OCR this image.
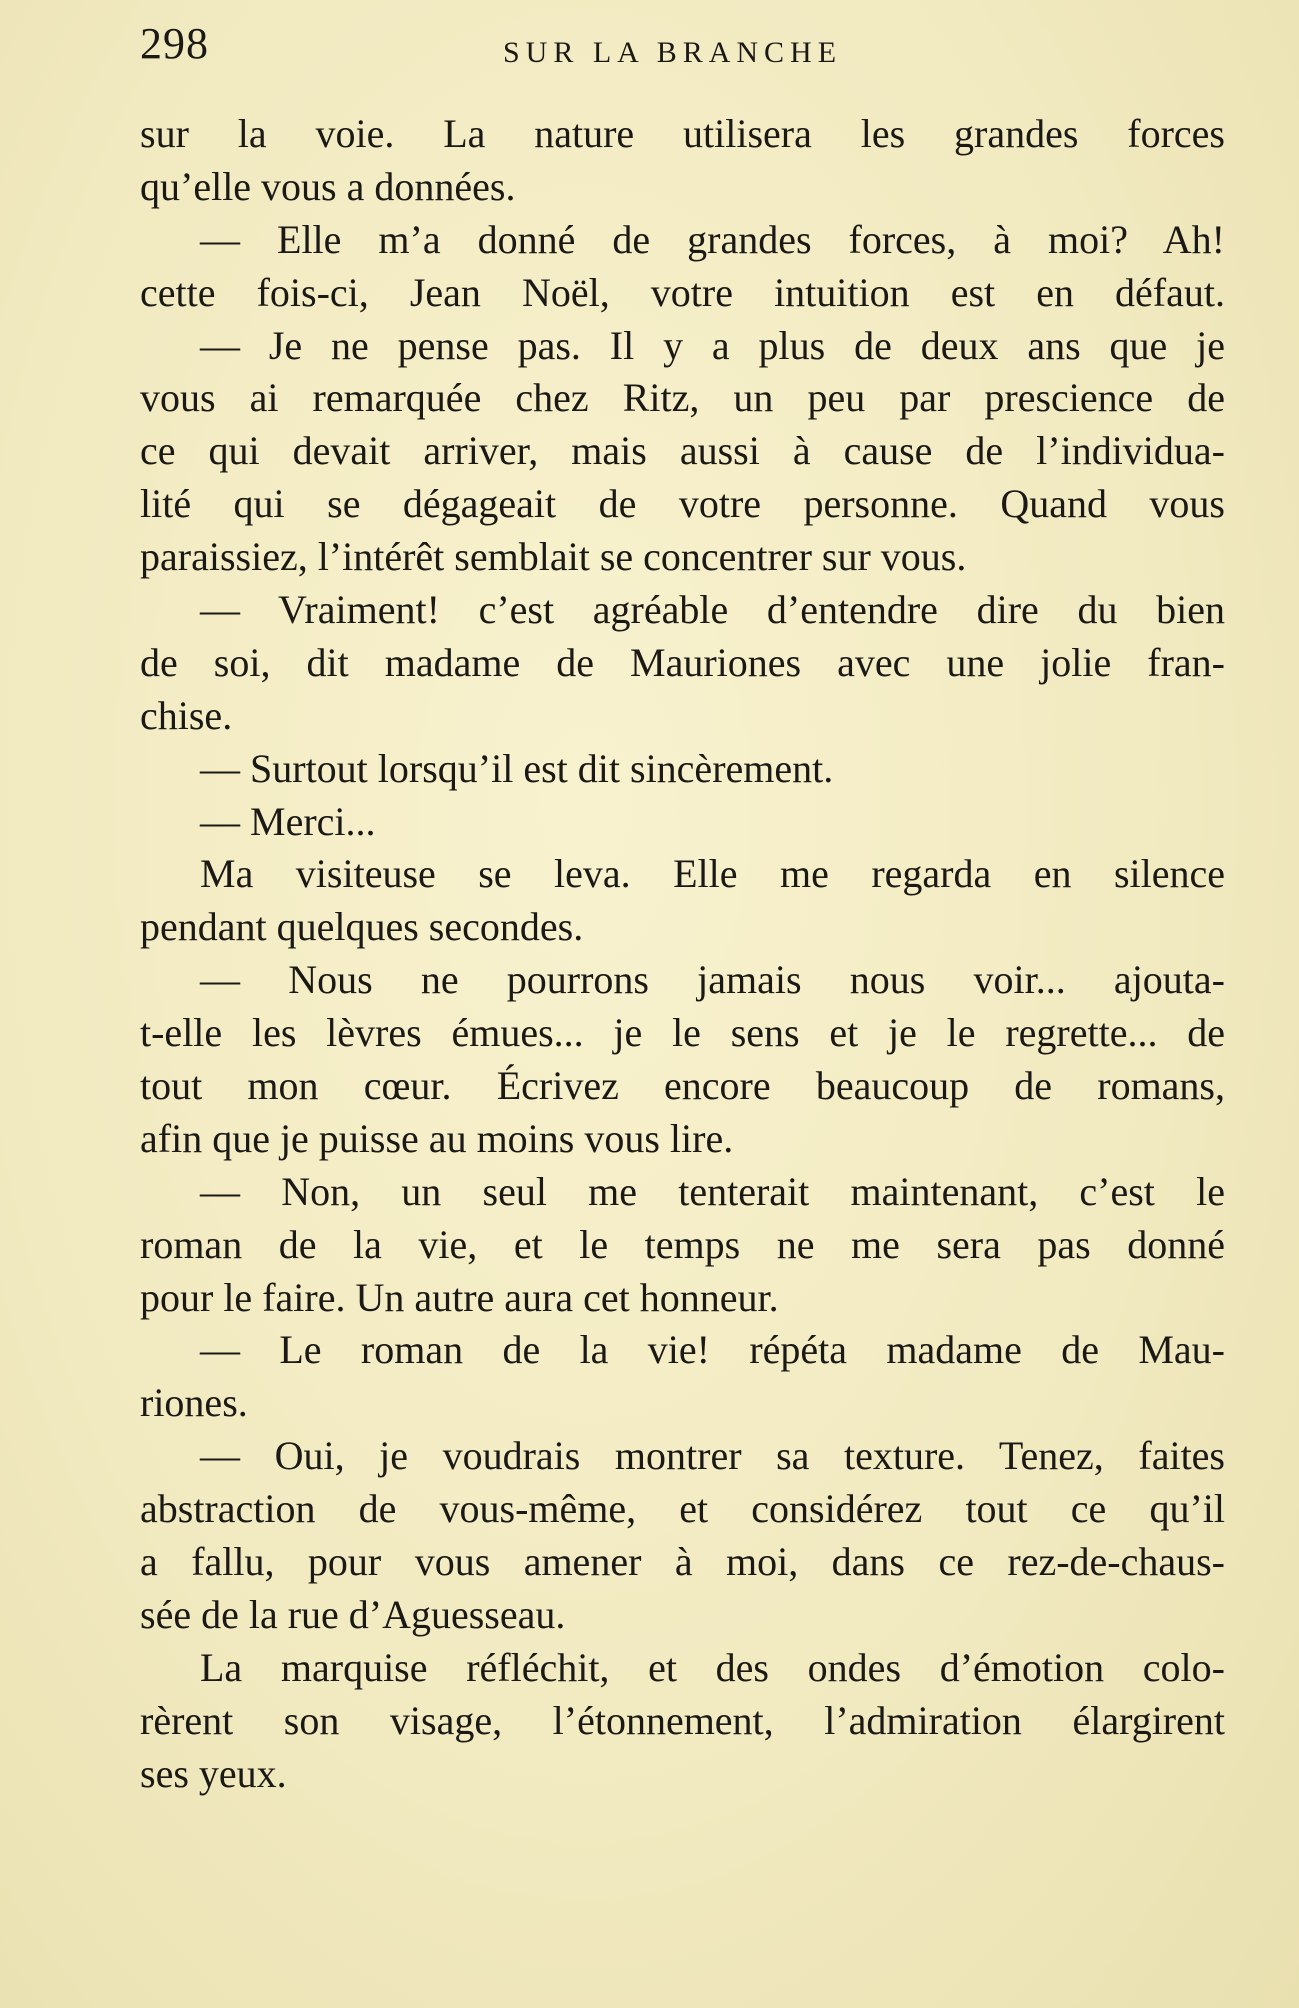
298	SUR LA BRANCHE
sur la voie. La nature utilisera les grandes forces
qu’elle vous a données.
— Elle m’a donné de grandes forces, à moi? Ah!
cette fois-ci, Jean Noël, votre intuition est en défaut.
— Je ne pense pas. Il y a plus de deux ans que je
vous ai remarquée chez Ritz, un peu par prescience de
ce qui devait arriver, mais aussi à cause de l’individua-
lité qui se dégageait de votre personne. Quand vous
paraissiez, l’intérêt semblait se concentrer sur vous.
— Vraiment! c’est agréable d’entendre dire du bien
de soi, dit madame de Mauriones avec une jolie fran-
chise.
— Surtout lorsqu’il est dit sincèrement.
— Merci...
Ma visiteuse se leva. Elle me regarda en silence
pendant quelques secondes.
— Nous ne pourrons jamais nous voir... ajouta-
t-elle les lèvres émues... je le sens et je le regrette... de
tout mon cœur. Écrivez encore beaucoup de romans,
afin que je puisse au moins vous lire.
— Non, un seul me tenterait maintenant, c’est le
roman de la vie, et le temps ne me sera pas donné
pour le faire. Un autre aura cet honneur.
— Le roman de la vie! répéta madame de Mau-
riones.
— Oui, je voudrais montrer sa texture. Tenez, faites
abstraction de vous-même, et considérez tout ce qu’il
a fallu, pour vous amener à moi, dans ce rez-de-chaus-
sée de la rue d’Aguesseau.
La marquise réfléchit, et des ondes d’émotion colo-
rèrent son visage, l’étonnement, l’admiration élargirent
ses yeux.
